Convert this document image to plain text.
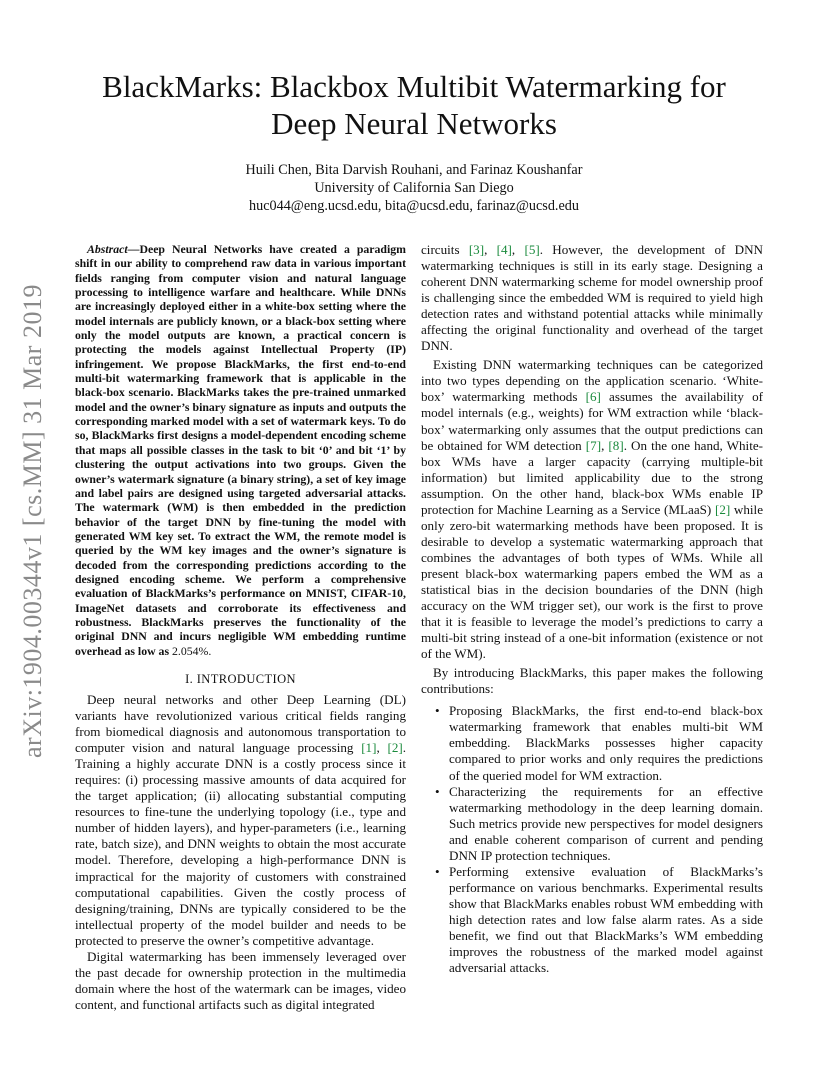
arXiv:1904.00344v1 [cs.MM] 31 Mar 2019
BlackMarks: Blackbox Multibit Watermarking for
Deep Neural Networks
Huili Chen, Bita Darvish Rouhani, and Farinaz Koushanfar
University of California San Diego
huc044@eng.ucsd.edu, bita@ucsd.edu, farinaz@ucsd.edu

Abstract—Deep Neural Networks have created a paradigm shift in our ability to comprehend raw data in various important fields ranging from computer vision and natural language processing to intelligence warfare and healthcare. While DNNs are increasingly deployed either in a white-box setting where the model internals are publicly known, or a black-box setting where only the model outputs are known, a practical concern is protecting the models against Intellectual Property (IP) infringement. We propose BlackMarks, the first end-to-end multi-bit watermarking framework that is applicable in the black-box scenario. BlackMarks takes the pre-trained unmarked model and the owner’s binary signature as inputs and outputs the corresponding marked model with a set of watermark keys. To do so, BlackMarks first designs a model-dependent encoding scheme that maps all possible classes in the task to bit ‘0’ and bit ‘1’ by clustering the output activations into two groups. Given the owner’s watermark signature (a binary string), a set of key image and label pairs are designed using targeted adversarial attacks. The watermark (WM) is then embedded in the prediction behavior of the target DNN by fine-tuning the model with generated WM key set. To extract the WM, the remote model is queried by the WM key images and the owner’s signature is decoded from the corresponding predictions according to the designed encoding scheme. We perform a comprehensive evaluation of BlackMarks’s performance on MNIST, CIFAR-10, ImageNet datasets and corroborate its effectiveness and robustness. BlackMarks preserves the functionality of the original DNN and incurs negligible WM embedding runtime overhead as low as 2.054%.

I. INTRODUCTION

Deep neural networks and other Deep Learning (DL) variants have revolutionized various critical fields ranging from biomedical diagnosis and autonomous transportation to computer vision and natural language processing [1], [2]. Training a highly accurate DNN is a costly process since it requires: (i) processing massive amounts of data acquired for the target application; (ii) allocating substantial computing resources to fine-tune the underlying topology (i.e., type and number of hidden layers), and hyper-parameters (i.e., learning rate, batch size), and DNN weights to obtain the most accurate model. Therefore, developing a high-performance DNN is impractical for the majority of customers with constrained computational capabilities. Given the costly process of designing/training, DNNs are typically considered to be the intellectual property of the model builder and needs to be protected to preserve the owner’s competitive advantage.

Digital watermarking has been immensely leveraged over the past decade for ownership protection in the multimedia domain where the host of the watermark can be images, video content, and functional artifacts such as digital integrated

circuits [3], [4], [5]. However, the development of DNN watermarking techniques is still in its early stage. Designing a coherent DNN watermarking scheme for model ownership proof is challenging since the embedded WM is required to yield high detection rates and withstand potential attacks while minimally affecting the original functionality and overhead of the target DNN.

Existing DNN watermarking techniques can be categorized into two types depending on the application scenario. ‘White-box’ watermarking methods [6] assumes the availability of model internals (e.g., weights) for WM extraction while ‘black-box’ watermarking only assumes that the output predictions can be obtained for WM detection [7], [8]. On the one hand, White-box WMs have a larger capacity (carrying multiple-bit information) but limited applicability due to the strong assumption. On the other hand, black-box WMs enable IP protection for Machine Learning as a Service (MLaaS) [2] while only zero-bit watermarking methods have been proposed. It is desirable to develop a systematic watermarking approach that combines the advantages of both types of WMs. While all present black-box watermarking papers embed the WM as a statistical bias in the decision boundaries of the DNN (high accuracy on the WM trigger set), our work is the first to prove that it is feasible to leverage the model’s predictions to carry a multi-bit string instead of a one-bit information (existence or not of the WM).

By introducing BlackMarks, this paper makes the following contributions:

• Proposing BlackMarks, the first end-to-end black-box watermarking framework that enables multi-bit WM embedding. BlackMarks possesses higher capacity compared to prior works and only requires the predictions of the queried model for WM extraction.
• Characterizing the requirements for an effective watermarking methodology in the deep learning domain. Such metrics provide new perspectives for model designers and enable coherent comparison of current and pending DNN IP protection techniques.
• Performing extensive evaluation of BlackMarks’s performance on various benchmarks. Experimental results show that BlackMarks enables robust WM embedding with high detection rates and low false alarm rates. As a side benefit, we find out that BlackMarks’s WM embedding improves the robustness of the marked model against adversarial attacks.
